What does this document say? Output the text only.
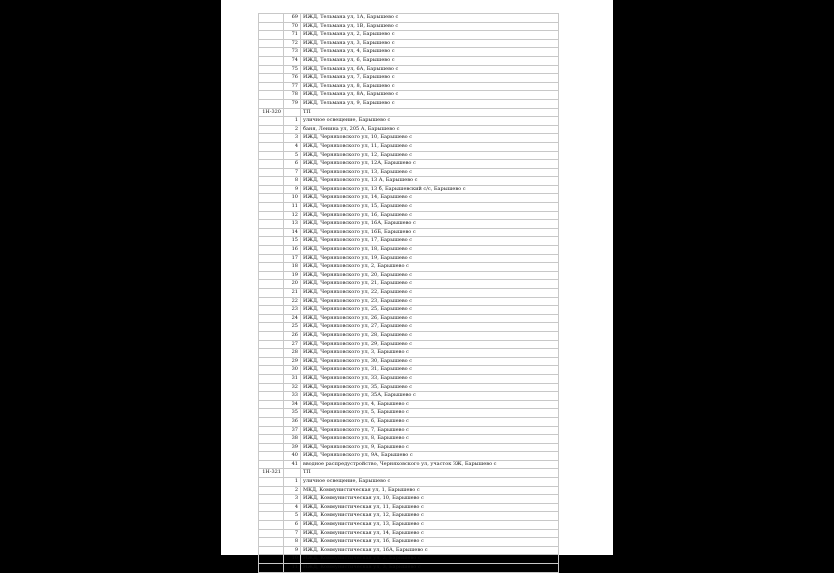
	69	ИЖД, Тельмана ул, 1А, Барышево с
	70	ИЖД, Тельмана ул, 1В, Барышево с
	71	ИЖД, Тельмана ул, 2, Барышево с
	72	ИЖД, Тельмана ул, 3, Барышево с
	73	ИЖД, Тельмана ул, 4, Барышево с
	74	ИЖД, Тельмана ул, 6, Барышево с
	75	ИЖД, Тельмана ул, 6А, Барышево с
	76	ИЖД, Тельмана ул, 7, Барышево с
	77	ИЖД, Тельмана ул, 8, Барышево с
	78	ИЖД, Тельмана ул, 8А, Барышево с
	79	ИЖД, Тельмана ул, 9, Барышево с
1Н-320		ТП
	1	уличное освещение, Барышево с
	2	баня, Ленина ул, 205 А, Барышево с
	3	ИЖД, Черняховского ул, 10, Барышево с
	4	ИЖД, Черняховского ул, 11, Барышево с
	5	ИЖД, Черняховского ул, 12, Барышево с
	6	ИЖД, Черняховского ул, 12А, Барышево с
	7	ИЖД, Черняховского ул, 13, Барышево с
	8	ИЖД, Черняховского ул, 13 А, Барышево с
	9	ИЖД, Черняховского ул, 13 б, Барышевский с/с, Барышево с
	10	ИЖД, Черняховского ул, 14, Барышево с
	11	ИЖД, Черняховского ул, 15, Барышево с
	12	ИЖД, Черняховского ул, 16, Барышево с
	13	ИЖД, Черняховского ул, 16А, Барышево с
	14	ИЖД, Черняховского ул, 16Б, Барышево с
	15	ИЖД, Черняховского ул, 17, Барышево с
	16	ИЖД, Черняховского ул, 18, Барышево с
	17	ИЖД, Черняховского ул, 19, Барышево с
	18	ИЖД, Черняховского ул, 2, Барышево с
	19	ИЖД, Черняховского ул, 20, Барышево с
	20	ИЖД, Черняховского ул, 21, Барышево с
	21	ИЖД, Черняховского ул, 22, Барышево с
	22	ИЖД, Черняховского ул, 23, Барышево с
	23	ИЖД, Черняховского ул, 25, Барышево с
	24	ИЖД, Черняховского ул, 26, Барышево с
	25	ИЖД, Черняховского ул, 27, Барышево с
	26	ИЖД, Черняховского ул, 28, Барышево с
	27	ИЖД, Черняховского ул, 29, Барышево с
	28	ИЖД, Черняховского ул, 3, Барышево с
	29	ИЖД, Черняховского ул, 30, Барышево с
	30	ИЖД, Черняховского ул, 31, Барышево с
	31	ИЖД, Черняховского ул, 33, Барышево с
	32	ИЖД, Черняховского ул, 35, Барышево с
	33	ИЖД, Черняховского ул, 35А, Барышево с
	34	ИЖД, Черняховского ул, 4, Барышево с
	35	ИЖД, Черняховского ул, 5, Барышево с
	36	ИЖД, Черняховского ул, 6, Барышево с
	37	ИЖД, Черняховского ул, 7, Барышево с
	38	ИЖД, Черняховского ул, 8, Барышево с
	39	ИЖД, Черняховского ул, 9, Барышево с
	40	ИЖД, Черняховского ул, 9А, Барышево с
	41	вводное распредустройство, Черняховского ул, участок ЗЖ, Барышево с
1Н-321		ТП
	1	уличное освещение, Барышево с
	2	МКД, Коммунистическая ул, 1, Барышево с
	3	ИЖД, Коммунистическая ул, 10, Барышево с
	4	ИЖД, Коммунистическая ул, 11, Барышево с
	5	ИЖД, Коммунистическая ул, 12, Барышево с
	6	ИЖД, Коммунистическая ул, 13, Барышево с
	7	ИЖД, Коммунистическая ул, 14, Барышево с
	8	ИЖД, Коммунистическая ул, 16, Барышево с
	9	ИЖД, Коммунистическая ул, 16А, Барышево с
	10	ИЖД, Коммунистическая ул, 2, Барышево с
	11	ИЖД, Коммунистическая ул, 3, Барышево с
